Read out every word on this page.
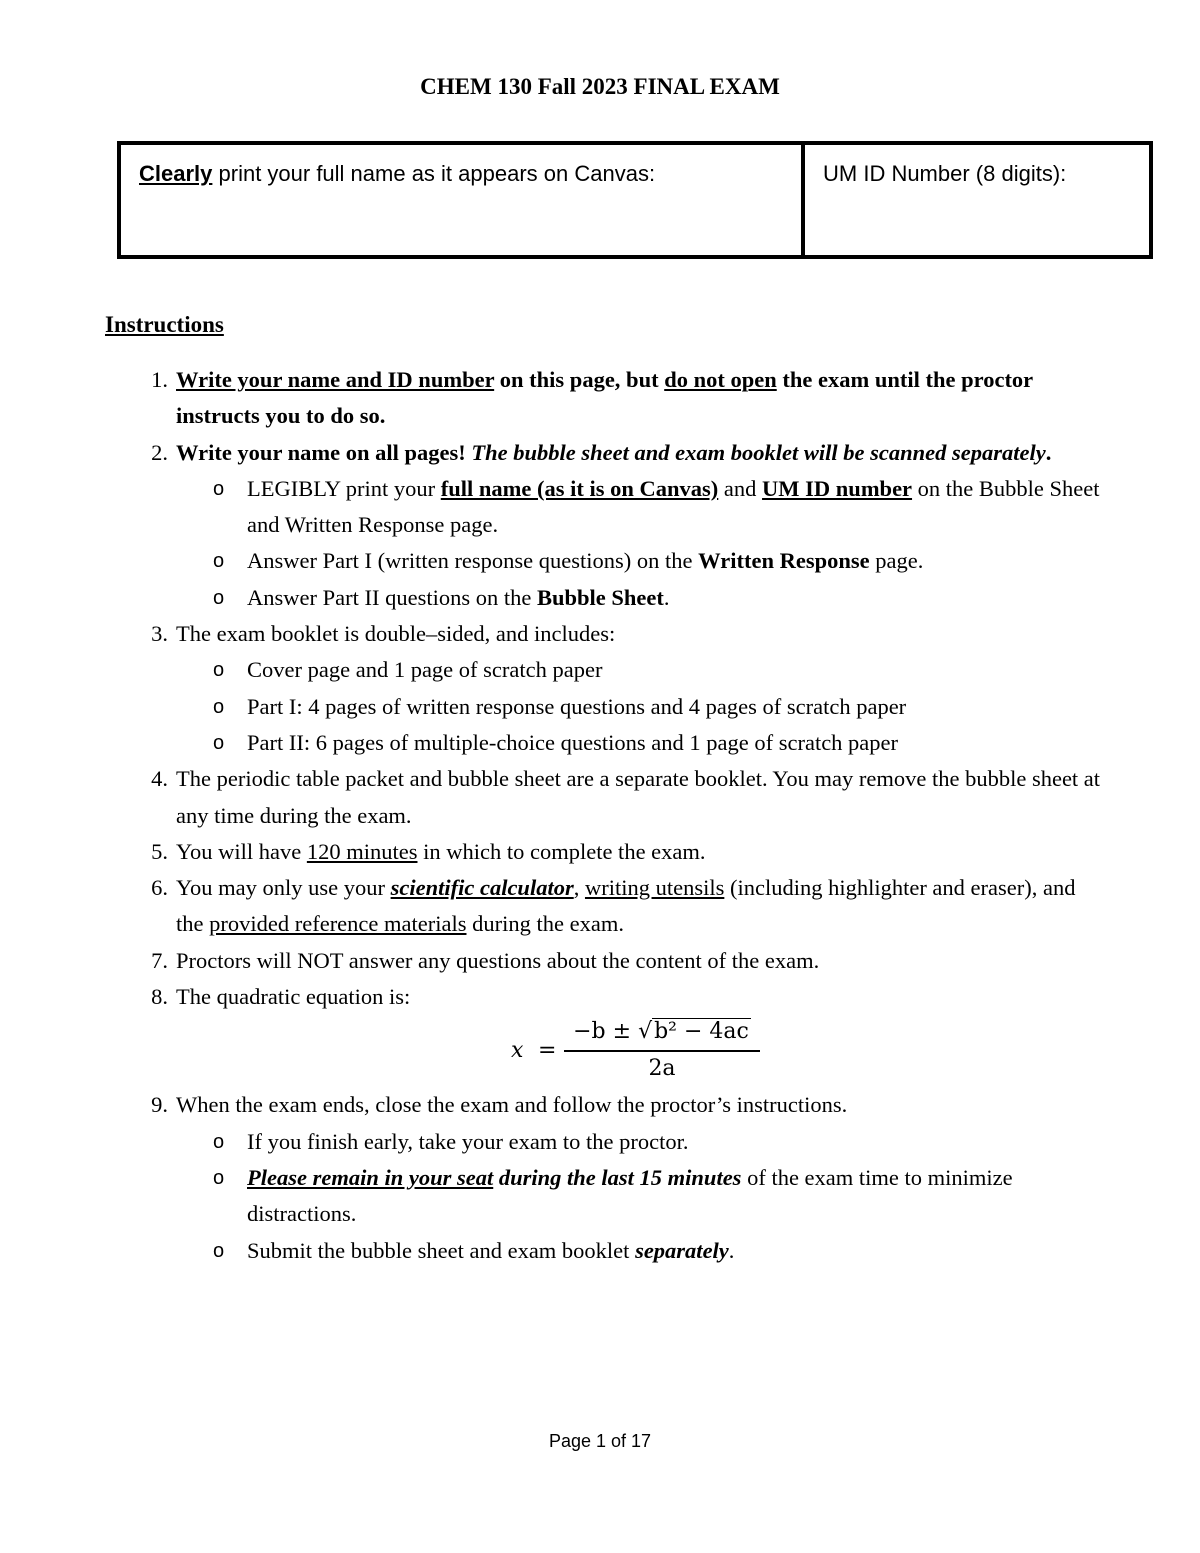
CHEM 130 Fall 2023 FINAL EXAM
Clearly print your full name as it appears on Canvas:	UM ID Number (8 digits):
Instructions
1. Write your name and ID number on this page, but do not open the exam until the proctor instructs you to do so.
2. Write your name on all pages! The bubble sheet and exam booklet will be scanned separately.
o LEGIBLY print your full name (as it is on Canvas) and UM ID number on the Bubble Sheet and Written Response page.
o Answer Part I (written response questions) on the Written Response page.
o Answer Part II questions on the Bubble Sheet.
3. The exam booklet is double–sided, and includes:
o Cover page and 1 page of scratch paper
o Part I: 4 pages of written response questions and 4 pages of scratch paper
o Part II: 6 pages of multiple-choice questions and 1 page of scratch paper
4. The periodic table packet and bubble sheet are a separate booklet. You may remove the bubble sheet at any time during the exam.
5. You will have 120 minutes in which to complete the exam.
6. You may only use your scientific calculator, writing utensils (including highlighter and eraser), and the provided reference materials during the exam.
7. Proctors will NOT answer any questions about the content of the exam.
8. The quadratic equation is:
$x = \frac{\text{−b ± √b² − 4ac}}{2a}$
9. When the exam ends, close the exam and follow the proctor’s instructions.
o If you finish early, take your exam to the proctor.
o Please remain in your seat during the last 15 minutes of the exam time to minimize distractions.
o Submit the bubble sheet and exam booklet separately.
Page 1 of 17
